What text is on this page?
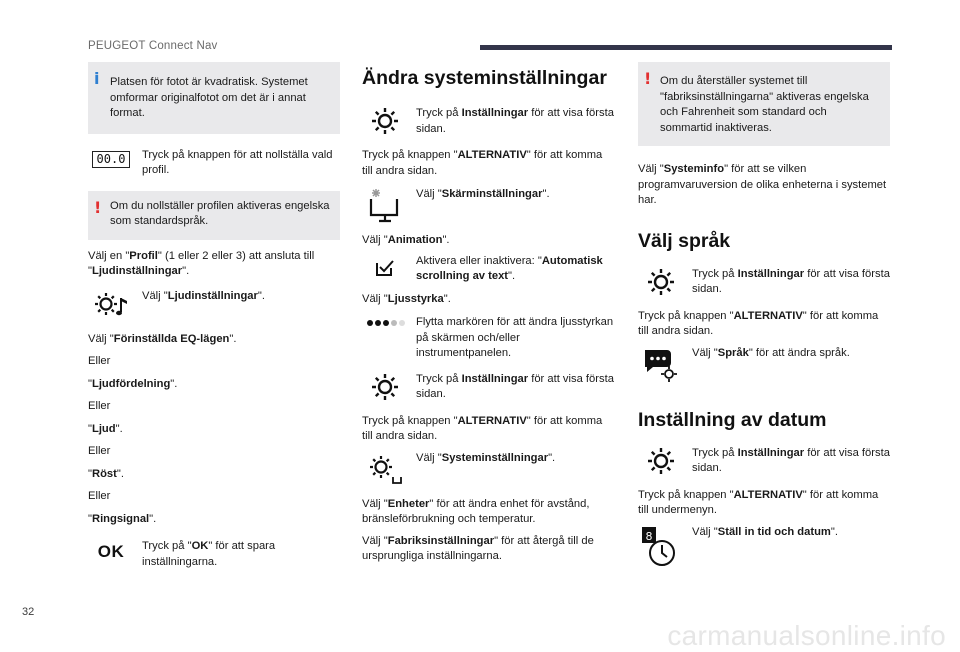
PEUGEOT Connect Nav
i Platsen för fotot är kvadratisk. Systemet omformar originalfotot om det är i annat format.
00.0	Tryck på knappen för att nollställa vald profil.
! Om du nollställer profilen aktiveras engelska som standardspråk.

Välj en "Profil" (1 eller 2 eller 3) att ansluta till "Ljudinställningar".

Välj "Ljudinställningar".

Välj "Förinställda EQ-lägen".

Eller

"Ljudfördelning".

Eller

"Ljud".

Eller

"Röst".

Eller

"Ringsignal".

OK Tryck på "OK" för att spara inställningarna.
Ändra systeminställningar
Tryck på Inställningar för att visa första sidan.

Tryck på knappen "ALTERNATIV" för att komma till andra sidan.

Välj "Skärminställningar".

Välj "Animation".

Aktivera eller inaktivera: "Automatisk scrollning av text".

Välj "Ljusstyrka".

Flytta markören för att ändra ljusstyrkan på skärmen och/eller instrumentpanelen.
Tryck på Inställningar för att visa första sidan.

Tryck på knappen "ALTERNATIV" för att komma till andra sidan.

Välj "Systeminställningar".

Välj "Enheter" för att ändra enhet för avstånd, bränsleförbrukning och temperatur.

Välj "Fabriksinställningar" för att återgå till de ursprungliga inställningarna.

! Om du återställer systemet till "fabriksinställningarna" aktiveras engelska och Fahrenheit som standard och sommartid inaktiveras.

Välj "Systeminfo" för att se vilken programvaruversion de olika enheterna i systemet har.

Välj språk
Tryck på Inställningar för att visa första sidan.

Tryck på knappen "ALTERNATIV" för att komma till andra sidan.

Välj "Språk" för att ändra språk.
Inställning av datum
Tryck på Inställningar för att visa första sidan.

Tryck på knappen "ALTERNATIV" för att komma till undermenyn.

8	Välj "Ställ in tid och datum".
32
carmanualsonline.info
